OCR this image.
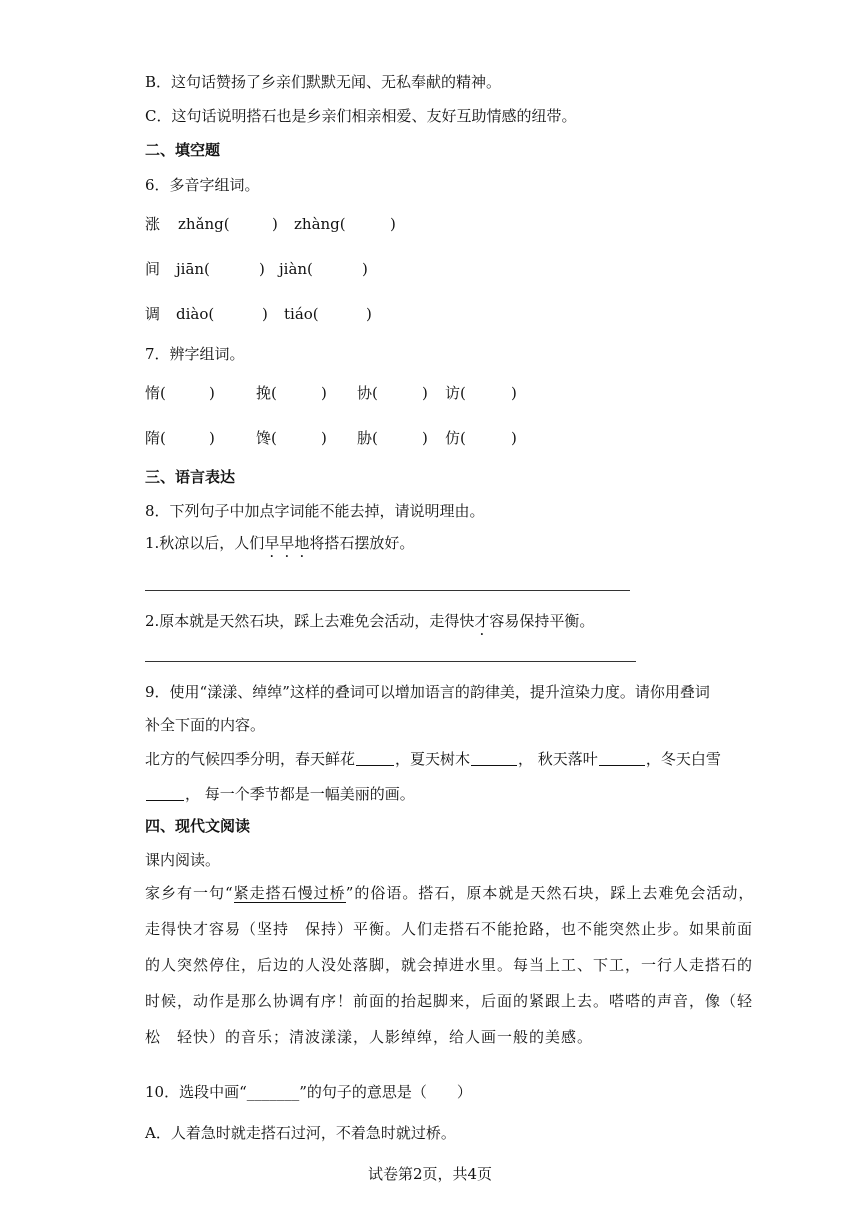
B．这句话赞扬了乡亲们默默无闻、无私奉献的精神。
C．这句话说明搭石也是乡亲们相亲相爱、友好互助情感的纽带。
二、填空题
6．多音字组词。
涨 zhǎng(	) zhàng(	)
间 jiān(	) jiàn(	)
调 diào(	) tiáo(	)
7．辨字组词。
惰(	)	挽(	) 协(	) 访(	)
隋(	)	馋(	) 胁(	) 仿(	)
三、语言表达
8．下列句子中加点字词能不能去掉，请说明理由。
1.秋凉以后，人们早早地将搭石摆放好。
2.原本就是天然石块，踩上去难免会活动，走得快才容易保持平衡。
9．使用“漾漾、绰绰”这样的叠词可以增加语言的韵律美，提升渲染力度。请你用叠词
补全下面的内容。
北方的气候四季分明，春天鲜花	，夏天树木	， 秋天落叶	，冬天白雪
， 每一个季节都是一幅美丽的画。
四、现代文阅读
课内阅读。
家乡有一句“紧走搭石慢过桥”的俗语。搭石，原本就是天然石块，踩上去难免会活动，
走得快才容易（坚持　保持）平衡。人们走搭石不能抢路，也不能突然止步。如果前面
的人突然停住，后边的人没处落脚，就会掉进水里。每当上工、下工，一行人走搭石的
时候，动作是那么协调有序！前面的抬起脚来，后面的紧跟上去。嗒嗒的声音，像（轻
松　轻快）的音乐；清波漾漾，人影绰绰，给人画一般的美感。
10．选段中画“_______”的句子的意思是（　　）
A．人着急时就走搭石过河，不着急时就过桥。
试卷第2页，共4页
